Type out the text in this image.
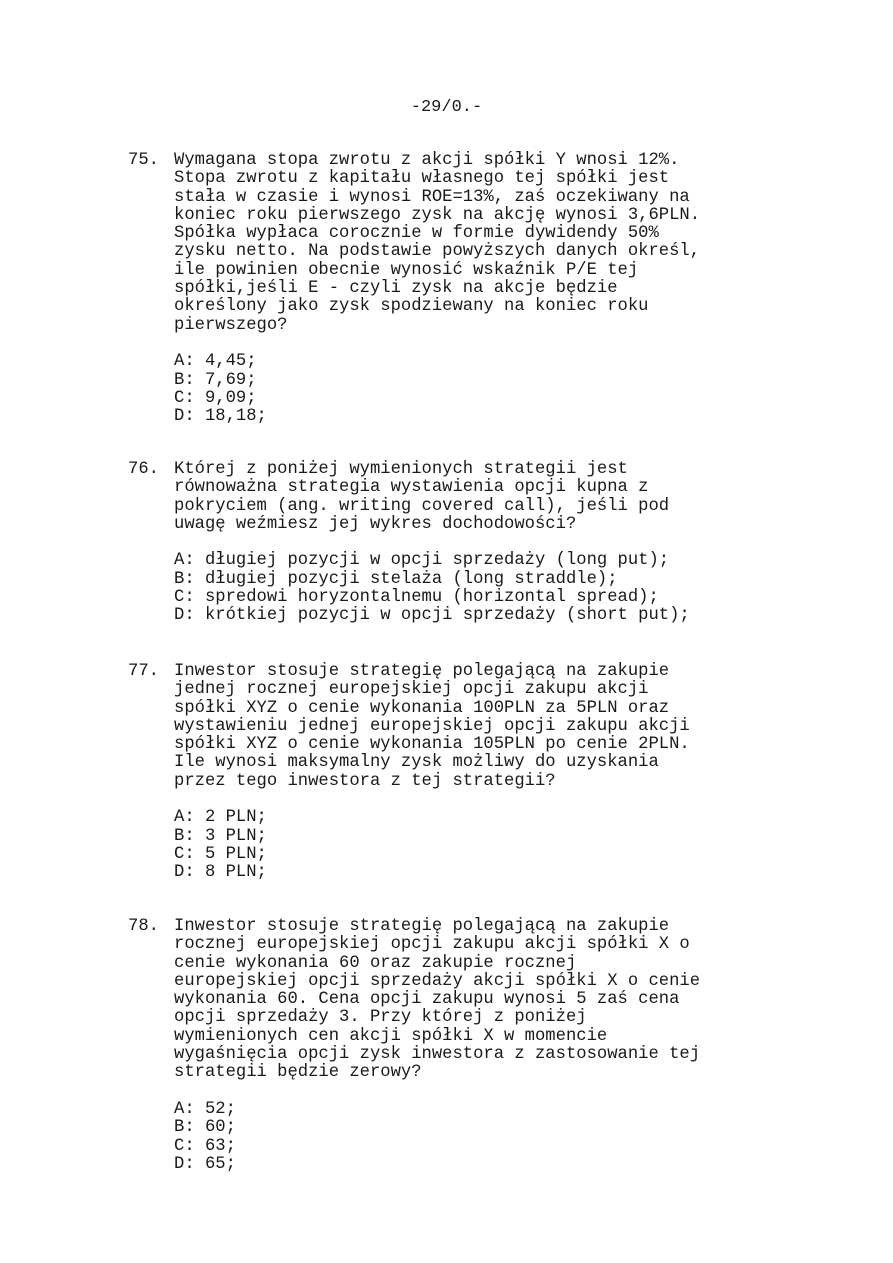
-29/0.-
75. Wymagana stopa zwrotu z akcji spółki Y wnosi 12%.
Stopa zwrotu z kapitału własnego tej spółki jest
stała w czasie i wynosi ROE=13%, zaś oczekiwany na
koniec roku pierwszego zysk na akcję wynosi 3,6PLN.
Spółka wypłaca corocznie w formie dywidendy 50%
zysku netto. Na podstawie powyższych danych określ,
ile powinien obecnie wynosić wskaźnik P/E tej
spółki,jeśli E - czyli zysk na akcje będzie
określony jako zysk spodziewany na koniec roku
pierwszego?
A: 4,45;
B: 7,69;
C: 9,09;
D: 18,18;
76. Której z poniżej wymienionych strategii jest
równoważna strategia wystawienia opcji kupna z
pokryciem (ang. writing covered call), jeśli pod
uwagę weźmiesz jej wykres dochodowości?
A: długiej pozycji w opcji sprzedaży (long put);
B: długiej pozycji stelaża (long straddle);
C: spredowi horyzontalnemu (horizontal spread);
D: krótkiej pozycji w opcji sprzedaży (short put);
77. Inwestor stosuje strategię polegającą na zakupie
jednej rocznej europejskiej opcji zakupu akcji
spółki XYZ o cenie wykonania 100PLN za 5PLN oraz
wystawieniu jednej europejskiej opcji zakupu akcji
spółki XYZ o cenie wykonania 105PLN po cenie 2PLN.
Ile wynosi maksymalny zysk możliwy do uzyskania
przez tego inwestora z tej strategii?
A: 2 PLN;
B: 3 PLN;
C: 5 PLN;
D: 8 PLN;
78. Inwestor stosuje strategię polegającą na zakupie
rocznej europejskiej opcji zakupu akcji spółki X o
cenie wykonania 60 oraz zakupie rocznej
europejskiej opcji sprzedaży akcji spółki X o cenie
wykonania 60. Cena opcji zakupu wynosi 5 zaś cena
opcji sprzedaży 3. Przy której z poniżej
wymienionych cen akcji spółki X w momencie
wygaśnięcia opcji zysk inwestora z zastosowanie tej
strategii będzie zerowy?
A: 52;
B: 60;
C: 63;
D: 65;
